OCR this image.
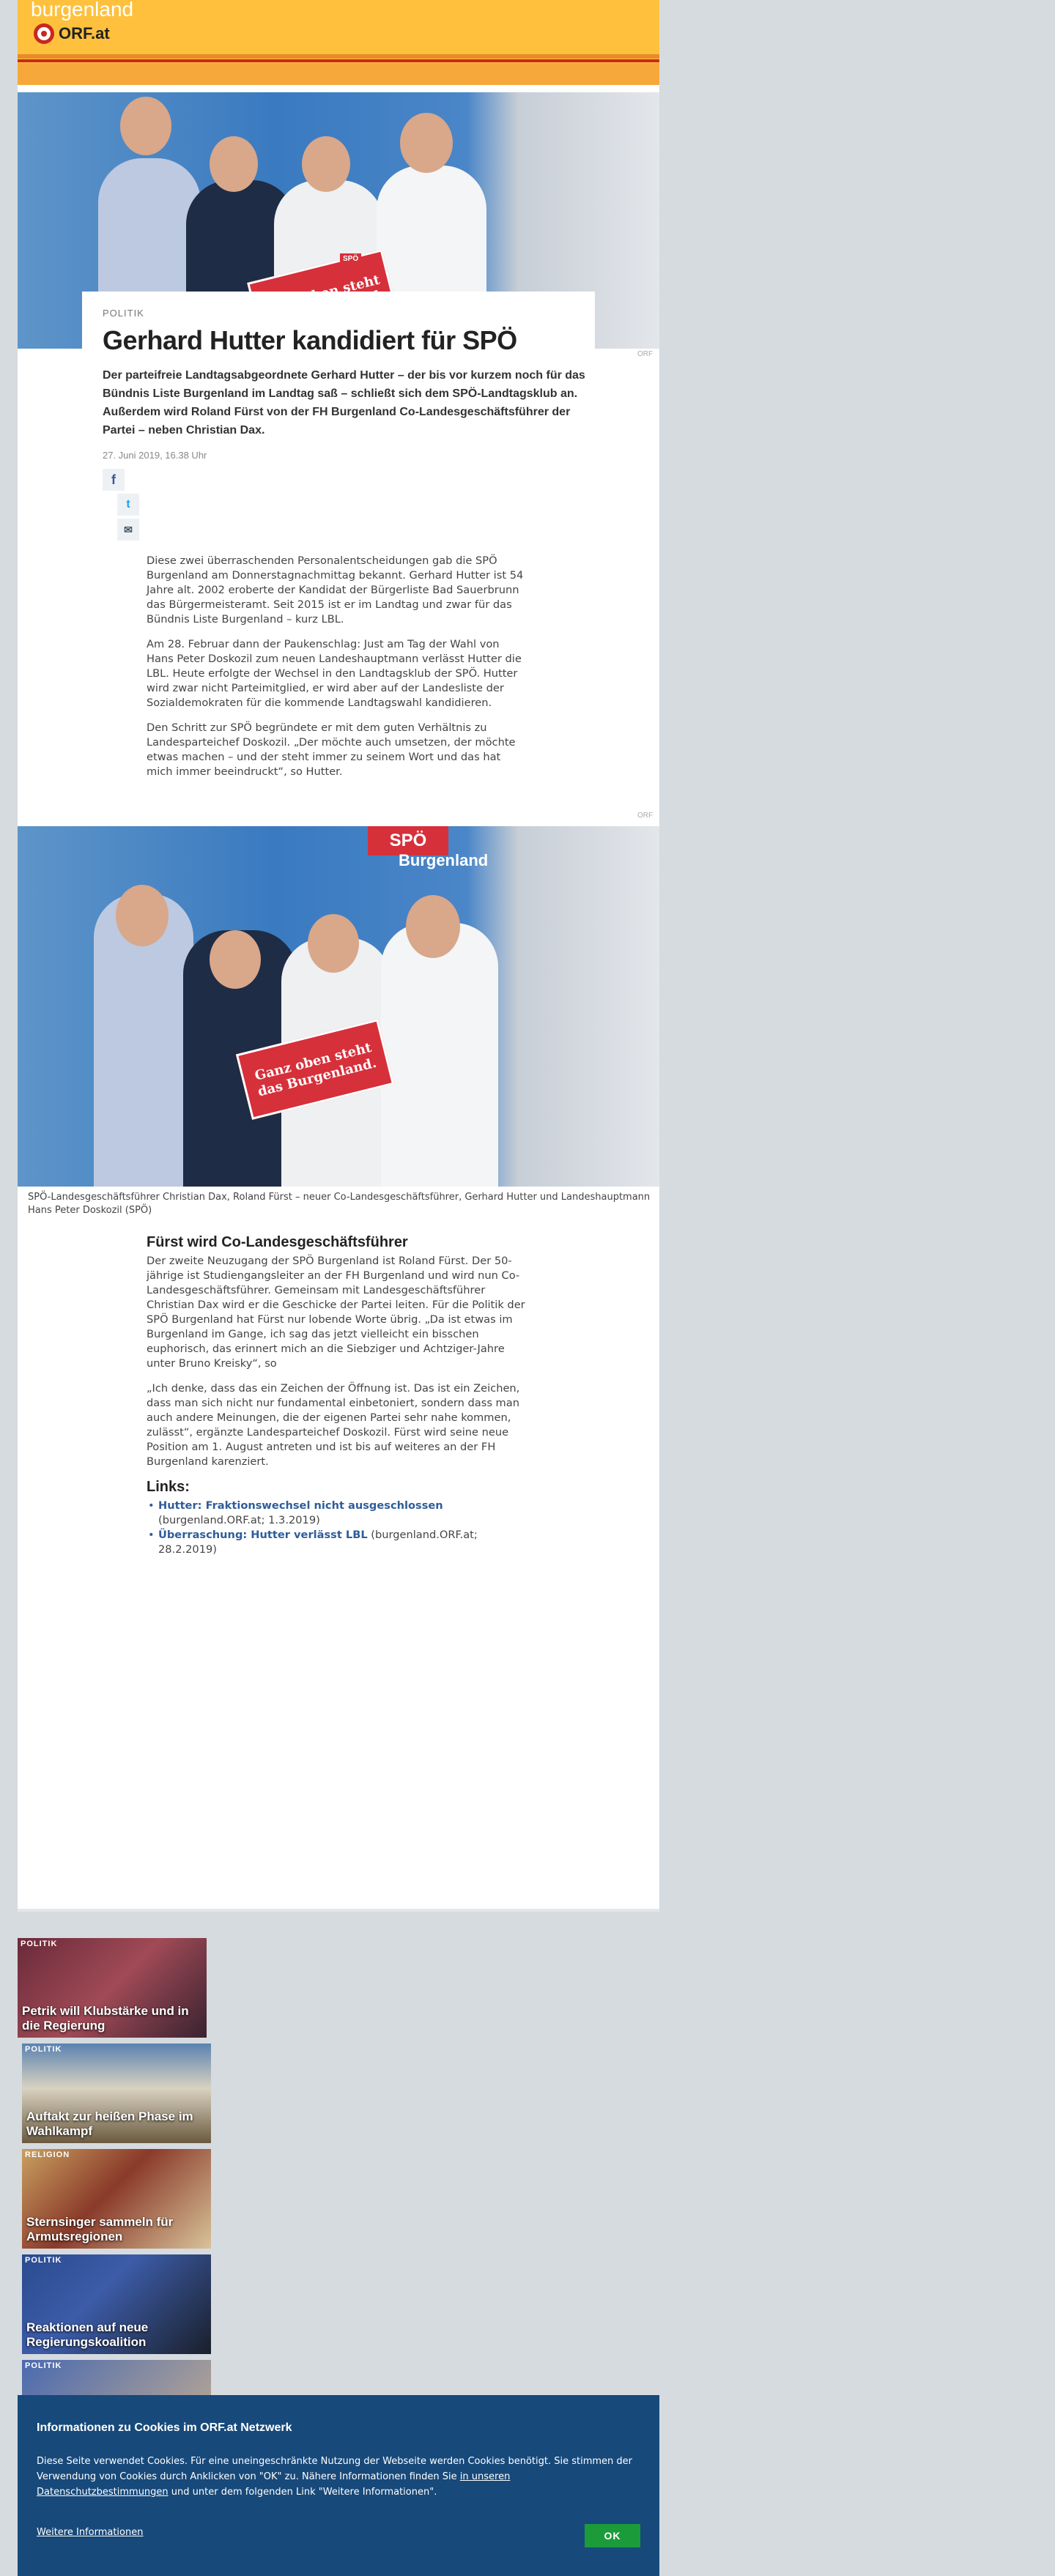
burgenland
ORF.at
SPÖ
ORF
POLITIK
Gerhard Hutter kandidiert für SPÖ
Der parteifreie Landtagsabgeordnete Gerhard Hutter – der bis vor kurzem noch für das Bündnis Liste Burgenland im Landtag saß – schließt sich dem SPÖ-Landtagsklub an. Außerdem wird Roland Fürst von der FH Burgenland Co-Landesgeschäftsführer der Partei – neben Christian Dax.
27. Juni 2019, 16.38 Uhr
f
t
✉

Diese zwei überraschenden Personalentscheidungen gab die SPÖ Burgenland am Donnerstagnachmittag bekannt. Gerhard Hutter ist 54 Jahre alt. 2002 eroberte der Kandidat der Bürgerliste Bad Sauerbrunn das Bürgermeisteramt. Seit 2015 ist er im Landtag und zwar für das Bündnis Liste Burgenland – kurz LBL.

Am 28. Februar dann der Paukenschlag: Just am Tag der Wahl von Hans Peter Doskozil zum neuen Landeshauptmann verlässt Hutter die LBL. Heute erfolgte der Wechsel in den Landtagsklub der SPÖ. Hutter wird zwar nicht Parteimitglied, er wird aber auf der Landesliste der Sozialdemokraten für die kommende Landtagswahl kandidieren.

Den Schritt zur SPÖ begründete er mit dem guten Verhältnis zu Landesparteichef Doskozil. „Der möchte auch umsetzen, der möchte etwas machen – und der steht immer zu seinem Wort und das hat mich immer beeindruckt“, so Hutter.

ORF
SPÖ
Burgenland
Ganz oben steht das Burgenland.
SPÖ-Landesgeschäftsführer Christian Dax, Roland Fürst – neuer Co-Landesgeschäftsführer, Gerhard Hutter und Landeshauptmann Hans Peter Doskozil (SPÖ)
Fürst wird Co-Landesgeschäftsführer

Der zweite Neuzugang der SPÖ Burgenland ist Roland Fürst. Der 50-jährige ist Studiengangsleiter an der FH Burgenland und wird nun Co-Landesgeschäftsführer. Gemeinsam mit Landesgeschäftsführer Christian Dax wird er die Geschicke der Partei leiten. Für die Politik der SPÖ Burgenland hat Fürst nur lobende Worte übrig. „Da ist etwas im Burgenland im Gange, ich sag das jetzt vielleicht ein bisschen euphorisch, das erinnert mich an die Siebziger und Achtziger-Jahre unter Bruno Kreisky“, so

„Ich denke, dass das ein Zeichen der Öffnung ist. Das ist ein Zeichen, dass man sich nicht nur fundamental einbetoniert, sondern dass man auch andere Meinungen, die der eigenen Partei sehr nahe kommen, zulässt“, ergänzte Landesparteichef Doskozil. Fürst wird seine neue Position am 1. August antreten und ist bis auf weiteres an der FH Burgenland karenziert.

Links:
• Hutter: Fraktionswechsel nicht ausgeschlossen (burgenland.ORF.at; 1.3.2019)
• Überraschung: Hutter verlässt LBL (burgenland.ORF.at; 28.2.2019)
POLITIK
Petrik will Klubstärke und in die Regierung
POLITIK
Auftakt zur heißen Phase im Wahlkampf
RELIGION
Sternsinger sammeln für Armutsregionen
POLITIK
Reaktionen auf neue Regierungskoalition
POLITIK
Informationen zu Cookies im ORF.at Netzwerk
Diese Seite verwendet Cookies. Für eine uneingeschränkte Nutzung der Webseite werden Cookies benötigt. Sie stimmen der Verwendung von Cookies durch Anklicken von "OK" zu. Nähere Informationen finden Sie in unseren Datenschutzbestimmungen und unter dem folgenden Link "Weitere Informationen".
Weitere Informationen	OK
